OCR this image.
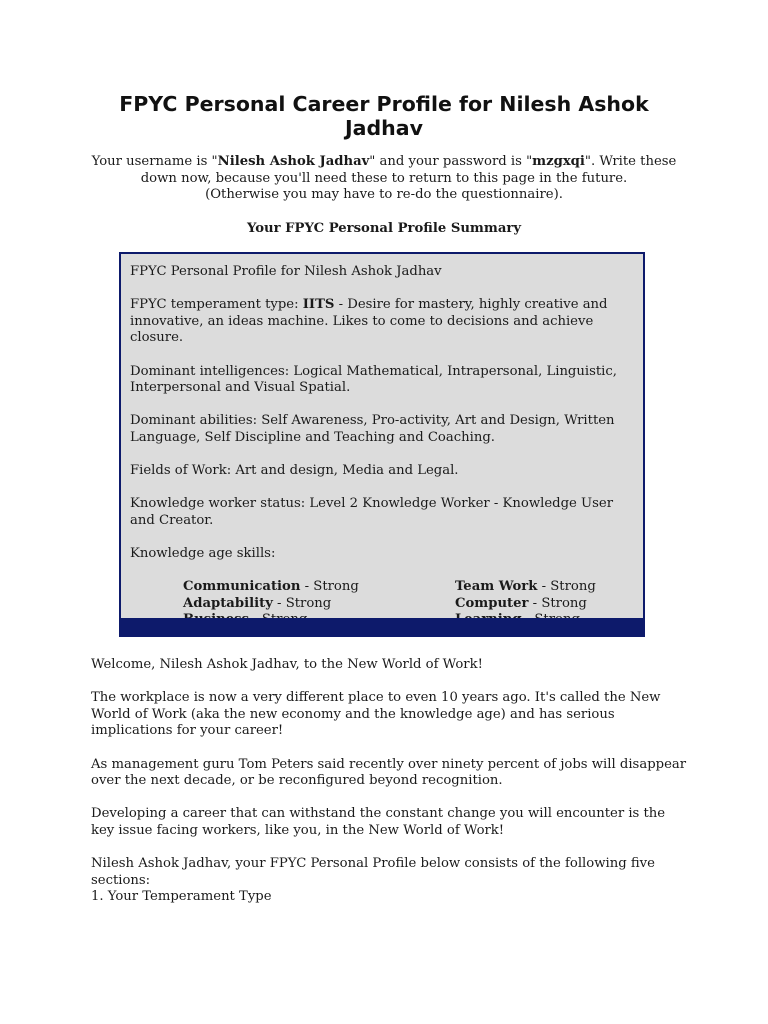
FPYC Personal Career Profile for Nilesh Ashok Jadhav

Your username is "Nilesh Ashok Jadhav" and your password is "mzgxqi". Write these down now, because you'll need these to return to this page in the future.
(Otherwise you may have to re-do the questionnaire).

Your FPYC Personal Profile Summary

FPYC Personal Profile for Nilesh Ashok Jadhav

FPYC temperament type: IITS - Desire for mastery, highly creative and innovative, an ideas machine. Likes to come to decisions and achieve closure.

Dominant intelligences: Logical Mathematical, Intrapersonal, Linguistic, Interpersonal and Visual Spatial.

Dominant abilities: Self Awareness, Pro-activity, Art and Design, Written Language, Self Discipline and Teaching and Coaching.

Fields of Work: Art and design, Media and Legal.

Knowledge worker status: Level 2 Knowledge Worker - Knowledge User and Creator.

Knowledge age skills:

Communication - Strong	Team Work - Strong
Adaptability - Strong	Computer - Strong

Welcome, Nilesh Ashok Jadhav, to the New World of Work!

The workplace is now a very different place to even 10 years ago. It's called the New World of Work (aka the new economy and the knowledge age) and has serious implications for your career!

As management guru Tom Peters said recently over ninety percent of jobs will disappear over the next decade, or be reconfigured beyond recognition.

Developing a career that can withstand the constant change you will encounter is the key issue facing workers, like you, in the New World of Work!

Nilesh Ashok Jadhav, your FPYC Personal Profile below consists of the following five sections:

1. Your Temperament Type
